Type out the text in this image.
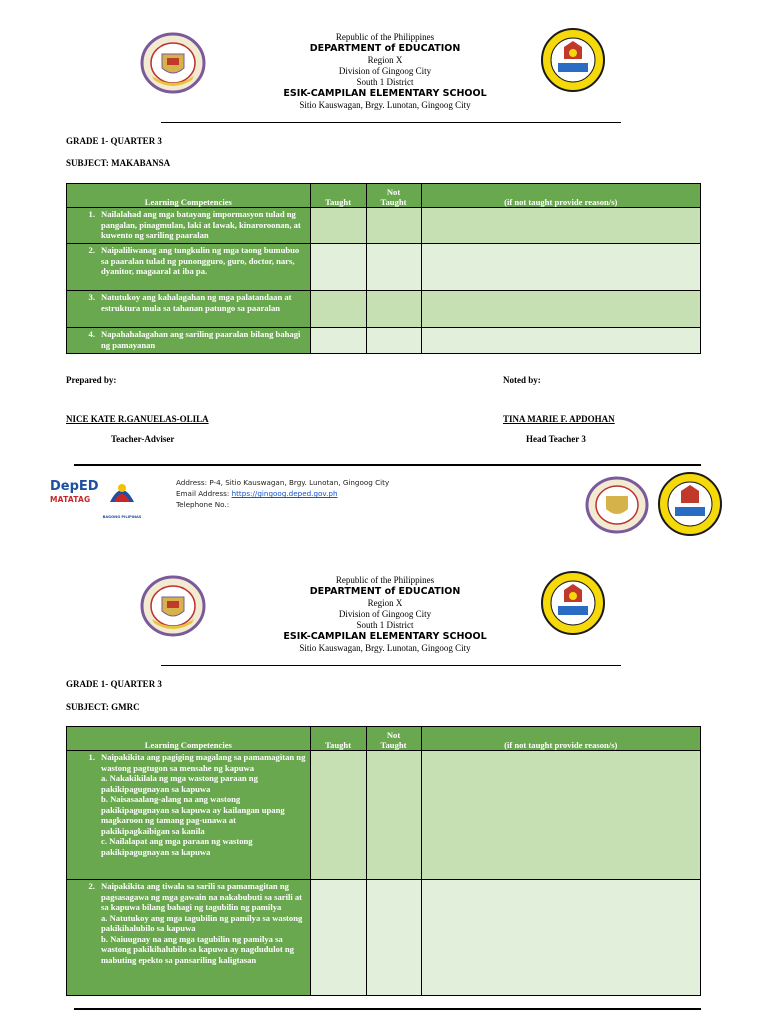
Republic of the Philippines
DEPARTMENT of EDUCATION
Region X
Division of Gingoog City
South 1 District
ESIK-CAMPILAN ELEMENTARY SCHOOL
Sitio Kauswagan, Brgy. Lunotan, Gingoog City
GRADE 1- QUARTER 3
SUBJECT: MAKABANSA
Learning Competencies	Taught	Not Taught	(if not taught provide reason/s)
1. Nailalahad ang mga batayang impormasyon tulad ng pangalan, pinagmulan, laki at lawak, kinaroroonan, at kuwento ng sariling paaralan			
2. Naipaliliwanag ang tungkulin ng mga taong bumubuo sa paaralan tulad ng punongguro, guro, doctor, nars, dyanitor, magaaral at iba pa.			
3. Natutukoy ang kahalagahan ng mga palatandaan at estruktura mula sa tahanan patungo sa paaralan			
4. Napahahalagahan ang sariling paaralan bilang bahagi ng pamayanan			
Prepared by:	Noted by:
NICE KATE R.GANUELAS-OLILA	TINA MARIE F. APDOHAN
Teacher-Adviser	Head Teacher 3
DepED
MATATAG
BAGONG PILIPINAS
Address: P-4, Sitio Kauswagan, Brgy. Lunotan, Gingoog City
Email Address: https://gingoog.deped.gov.ph
Telephone No.:
Republic of the Philippines
DEPARTMENT of EDUCATION
Region X
Division of Gingoog City
South 1 District
ESIK-CAMPILAN ELEMENTARY SCHOOL
Sitio Kauswagan, Brgy. Lunotan, Gingoog City
GRADE 1- QUARTER 3
SUBJECT: GMRC
Learning Competencies	Taught	Not Taught	(if not taught provide reason/s)
1. Naipakikita ang pagiging magalang sa pamamagitan ng wastong pagtugon sa mensahe ng kapuwa
a. Nakakikilala ng mga wastong paraan ng pakikipagugnayan sa kapuwa
b. Naisasaalang-alang na ang wastong pakikipagugnayan sa kapuwa ay kailangan upang magkaroon ng tamang pag-unawa at pakikipagkaibigan sa kanila
c. Nailalapat ang mga paraan ng wastong pakikipagugnayan sa kapuwa			
2. Naipakikita ang tiwala sa sarili sa pamamagitan ng pagsasagawa ng mga gawain na nakabubuti sa sarili at sa kapuwa bilang bahagi ng tagubilin ng pamilya
a. Natutukoy ang mga tagubilin ng pamilya sa wastong pakikihalubilo sa kapuwa
b. Naiuugnay na ang mga tagubilin ng pamilya sa wastong pakikihalubilo sa kapuwa ay nagdudulot ng mabuting epekto sa pansariling kaligtasan			
